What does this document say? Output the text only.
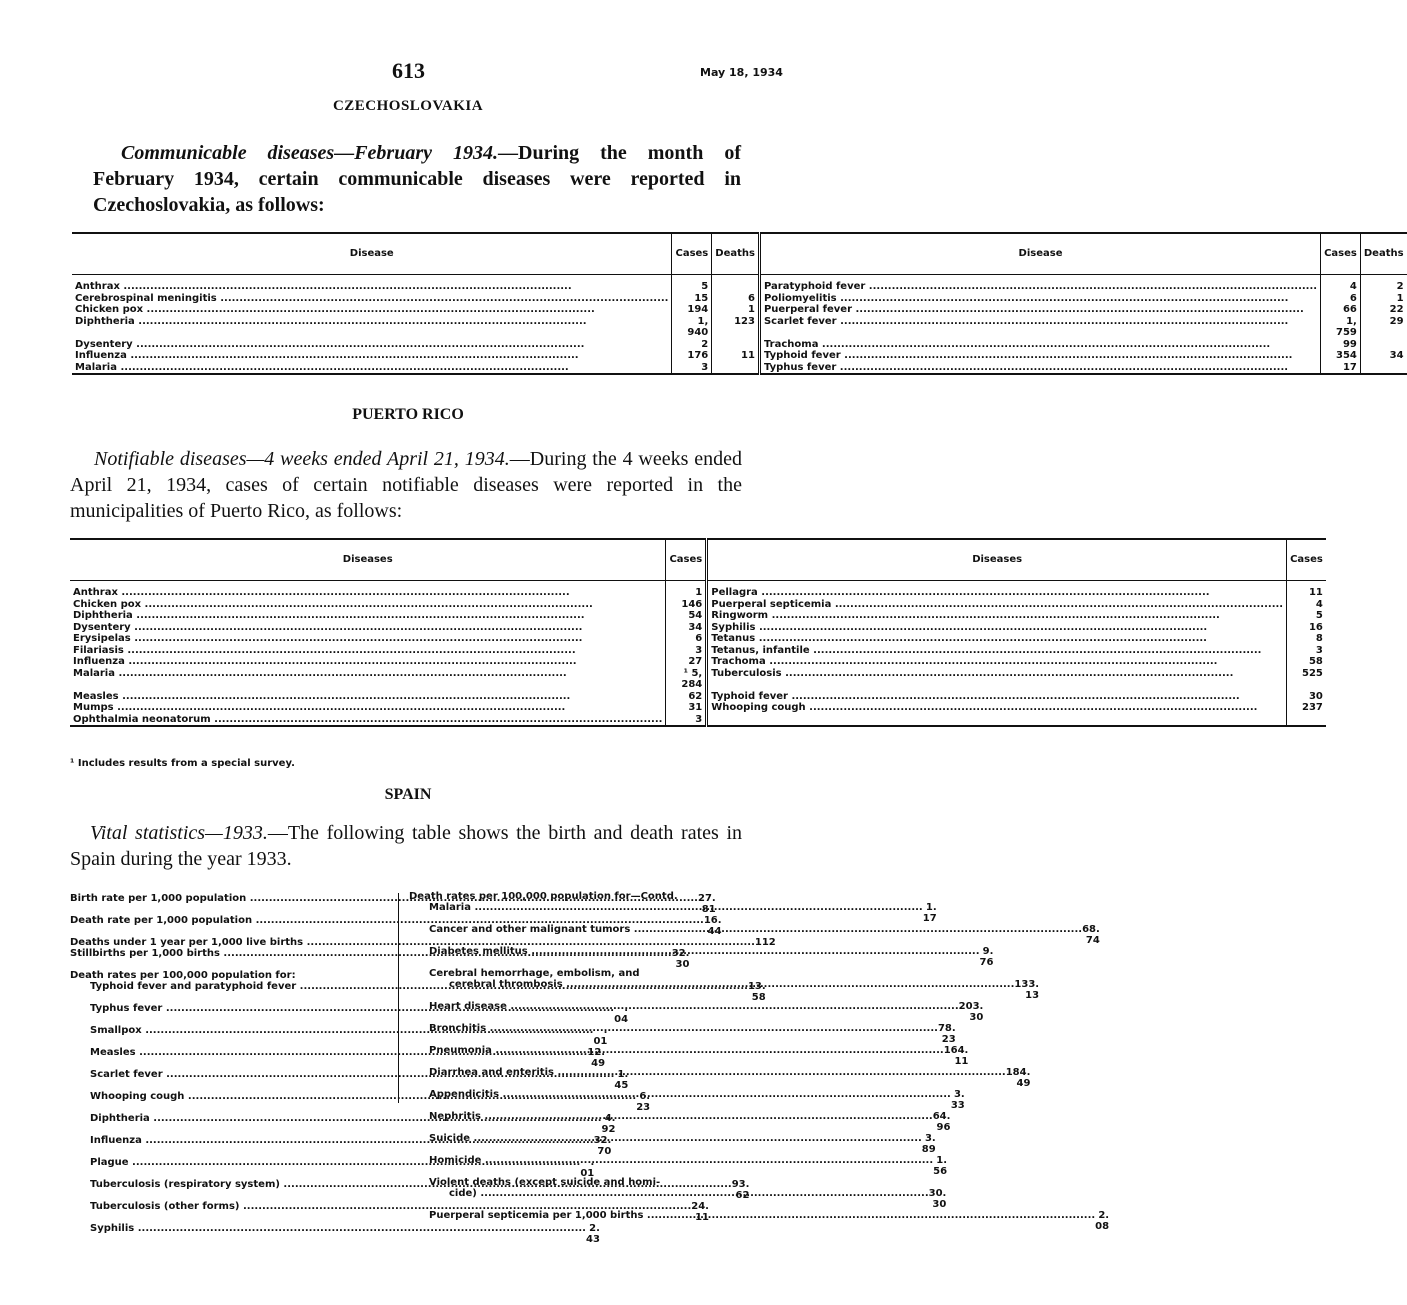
613	May 18, 1934
CZECHOSLOVAKIA
Communicable diseases—February 1934.—During the month of February 1934, certain communicable diseases were reported in Czechoslovakia, as follows:
Disease	Cases	Deaths	Disease	Cases	Deaths
Anthrax .....	5		Paratyphoid fever .....	4	2
Cerebrospinal meningitis .....	15	6	Poliomyelitis .....	6	1
Chicken pox .....	194	1	Puerperal fever .....	66	22
Diphtheria .....	1, 940	123	Scarlet fever .....	1, 759	29
Dysentery .....	2		Trachoma .....	99	
Influenza .....	176	11	Typhoid fever .....	354	34
Malaria .....	3		Typhus fever .....	17	
PUERTO RICO
Notifiable diseases—4 weeks ended April 21, 1934.—During the 4 weeks ended April 21, 1934, cases of certain notifiable diseases were reported in the municipalities of Puerto Rico, as follows:
Diseases	Cases	Diseases	Cases
Anthrax .....	1	Pellagra .....	11
Chicken pox .....	146	Puerperal septicemia .....	4
Diphtheria .....	54	Ringworm .....	5
Dysentery .....	34	Syphilis .....	16
Erysipelas .....	6	Tetanus .....	8
Filariasis .....	3	Tetanus, infantile .....	3
Influenza .....	27	Trachoma .....	58
Malaria .....	¹ 5, 284	Tuberculosis .....	525
Measles .....	62	Typhoid fever .....	30
Mumps .....	31	Whooping cough .....	237
Ophthalmia neonatorum .....	3		
¹ Includes results from a special survey.
SPAIN
Vital statistics—1933.—The following table shows the birth and death rates in Spain during the year 1933.
Birth rate per 1,000 population .....	27. 81
Death rate per 1,000 population .....	16. 44
Deaths under 1 year per 1,000 live births .....	112
Stillbirths per 1,000 births .....	32. 30
Death rates per 100,000 population for:
Typhoid fever and paratyphoid fever .....	13. 58
Typhus fever .....	. 04
Smallpox .....	. 01
Measles .....	12. 49
Scarlet fever .....	1. 45
Whooping cough .....	6. 23
Diphtheria .....	4. 92
Influenza .....	32. 70
Plague .....	. 01
Tuberculosis (respiratory system) .....	93. 62
Tuberculosis (other forms) .....	24. 11
Syphilis .....	2. 43
Death rates per 100,000 population for—Contd.
Malaria .....	1. 17
Cancer and other malignant tumors .....	68. 74
Diabetes mellitus .....	9. 76
Cerebral hemorrhage, embolism, and
cerebral thrombosis .....	133. 13
Heart disease .....	203. 30
Bronchitis .....	78. 23
Pneumonia .....	164. 11
Diarrhea and enteritis .....	184. 49
Appendicitis .....	3. 33
Nephritis .....	64. 96
Suicide .....	3. 89
Homicide .....	1. 56
Violent deaths (except suicide and homi-
cide) .....	30. 30
Puerperal septicemia per 1,000 births .....	2. 08
